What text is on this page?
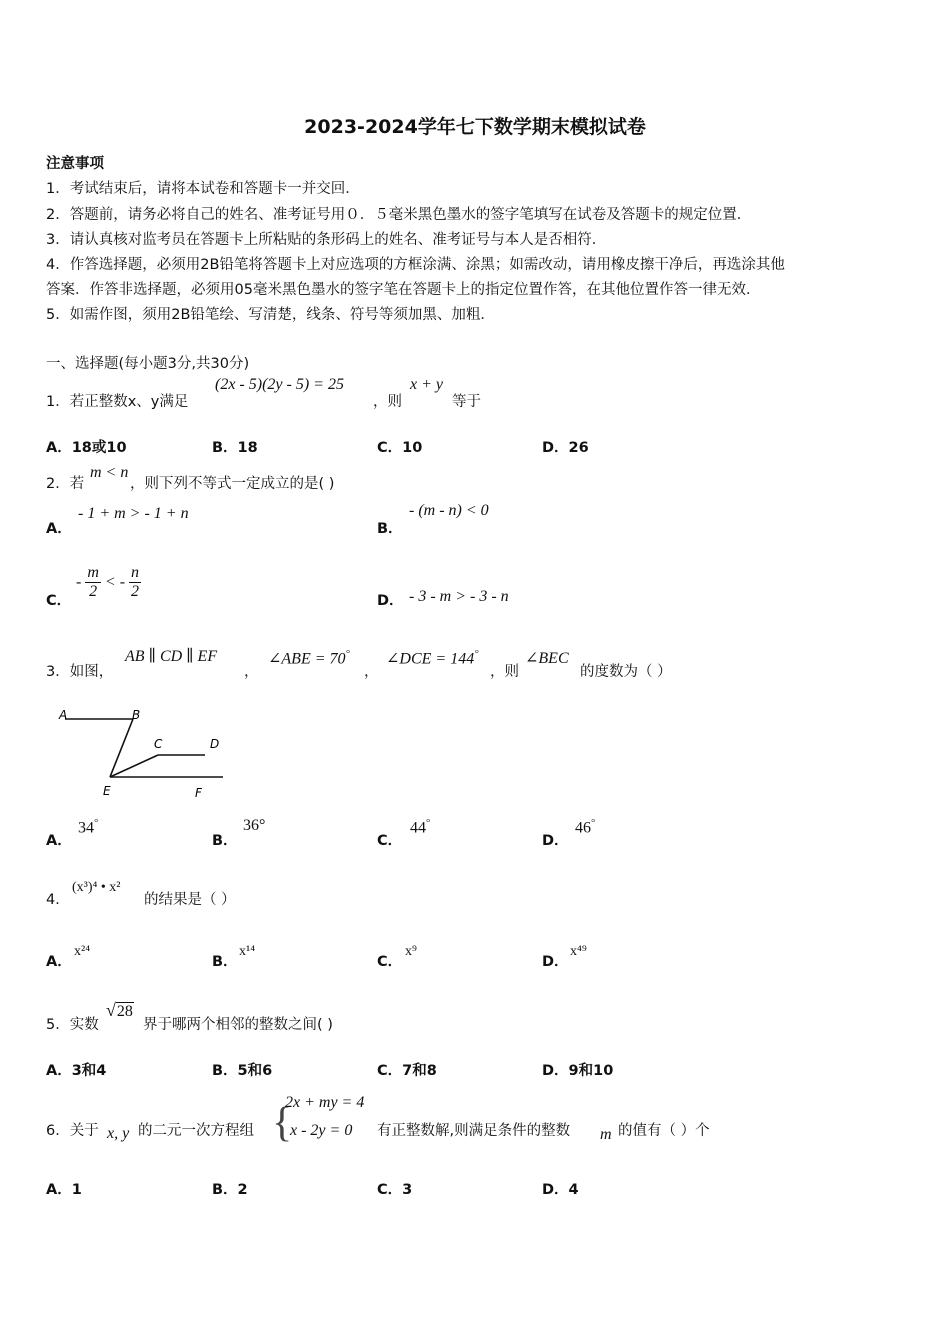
2023-2024学年七下数学期末模拟试卷
注意事项
1．考试结束后，请将本试卷和答题卡一并交回．
2．答题前，请务必将自己的姓名、准考证号用０．５毫米黑色墨水的签字笔填写在试卷及答题卡的规定位置．
3．请认真核对监考员在答题卡上所粘贴的条形码上的姓名、准考证号与本人是否相符．
4．作答选择题，必须用2B铅笔将答题卡上对应选项的方框涂满、涂黑；如需改动，请用橡皮擦干净后，再选涂其他
答案．作答非选择题，必须用05毫米黑色墨水的签字笔在答题卡上的指定位置作答，在其他位置作答一律无效．
5．如需作图，须用2B铅笔绘、写清楚，线条、符号等须加黑、加粗．
一、选择题(每小题3分,共30分)
1．若正整数x、y满足
(2x - 5)(2y - 5) = 25
，则
x + y
等于
A．18或10	B．18	C．10	D．26
2．若
m < n
，则下列不等式一定成立的是( )
A．
- 1 + m > - 1 + n
B．
- (m - n) < 0
C．
- $\frac{m}{2}$ < - $\frac{n}{2}$	D． - 3 - m > - 3 - n
3．如图，
AB ∥ CD ∥ EF
，
∠ABE = 70°
，
∠DCE = 144°
，则
∠BEC
的度数为（ ）
A	B
C	D
E	F
A．
34°
B．
36°
C．
44°
D．
46°
4．
(x³)⁴ • x²
的结果是（ ）
A．
x²⁴
B．
x¹⁴
C．
x⁹
D．
x⁴⁹
5．实数
√28
界于哪两个相邻的整数之间( )
A．3和4	B．5和6	C．7和8	D．9和10
6．关于 x, y 的二元一次方程组 {
2x + my = 4
x - 2y = 0 有正整数解,则满足条件的整数 m 的值有（ ）个
A．1	B．2	C．3	D．4
